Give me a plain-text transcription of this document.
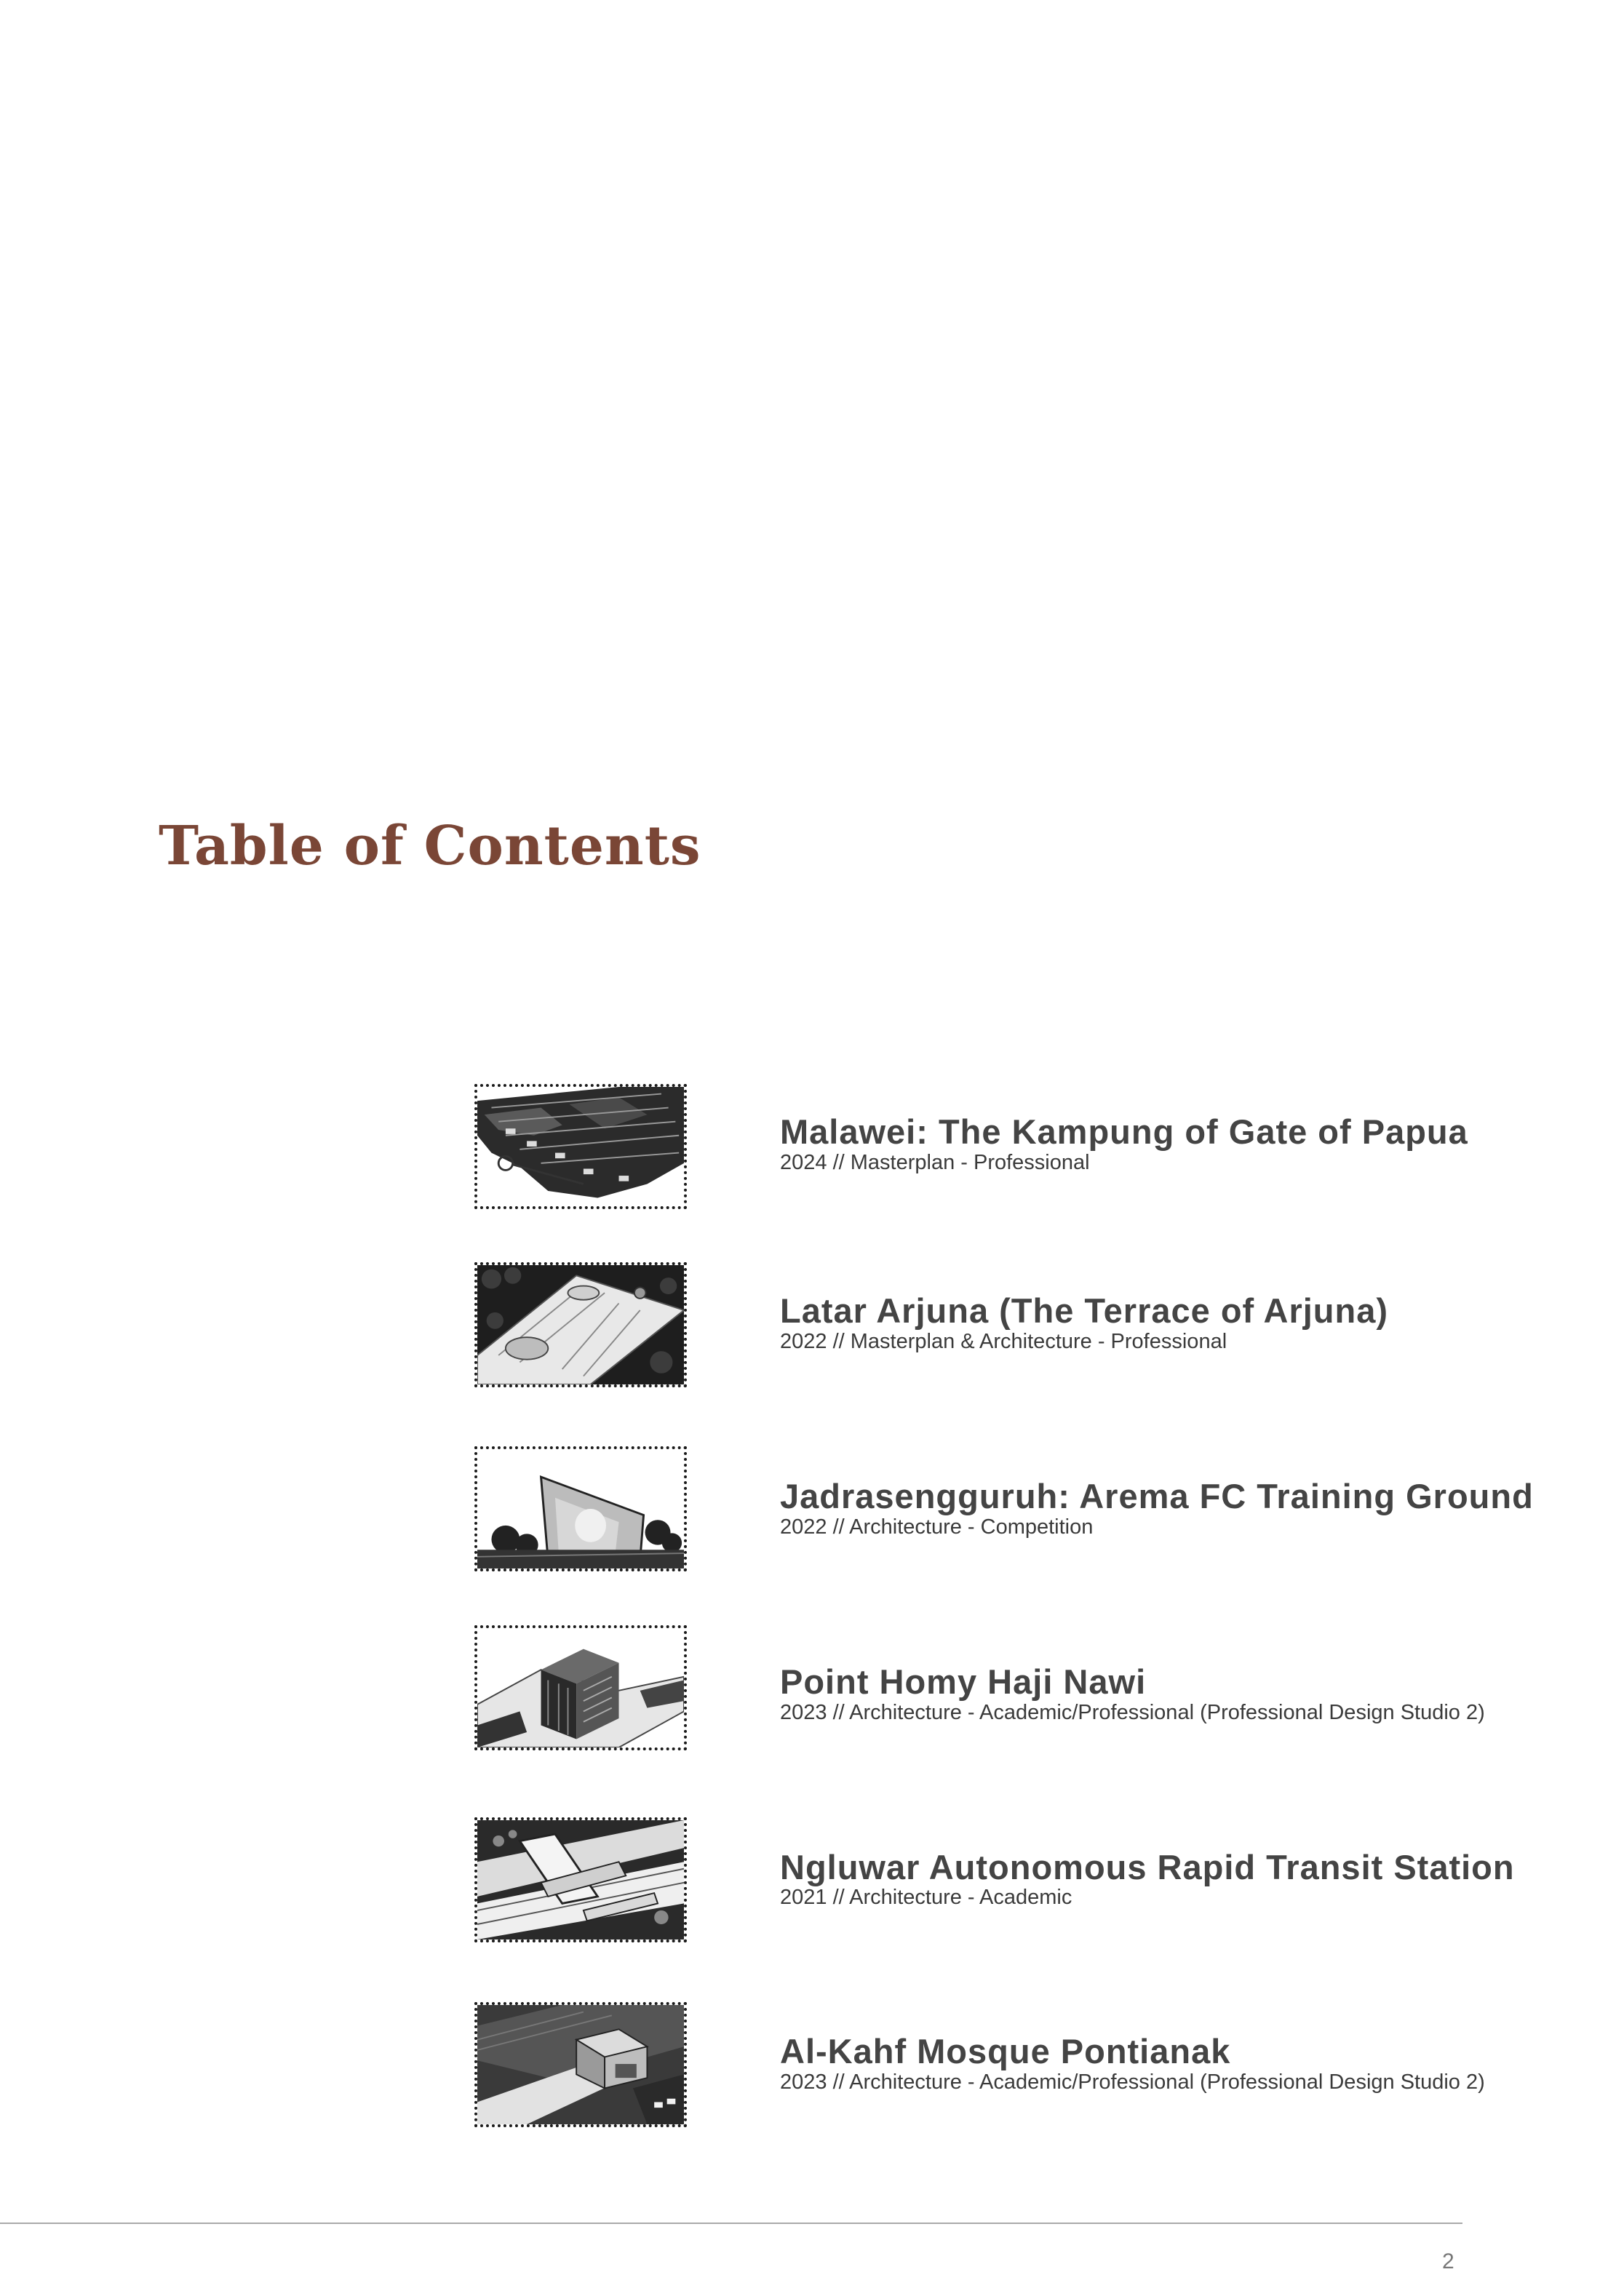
Table of Contents
Malawei: The Kampung of Gate of Papua

2024 // Masterplan - Professional

Latar Arjuna (The Terrace of Arjuna)

2022 // Masterplan & Architecture - Professional

Jadrasengguruh: Arema FC Training Ground

2022 // Architecture - Competition

Point Homy Haji Nawi

2023 // Architecture - Academic/Professional (Professional Design Studio 2)

Ngluwar Autonomous Rapid Transit Station

2021 // Architecture - Academic

Al-Kahf Mosque Pontianak

2023 // Architecture - Academic/Professional (Professional Design Studio 2)

2
